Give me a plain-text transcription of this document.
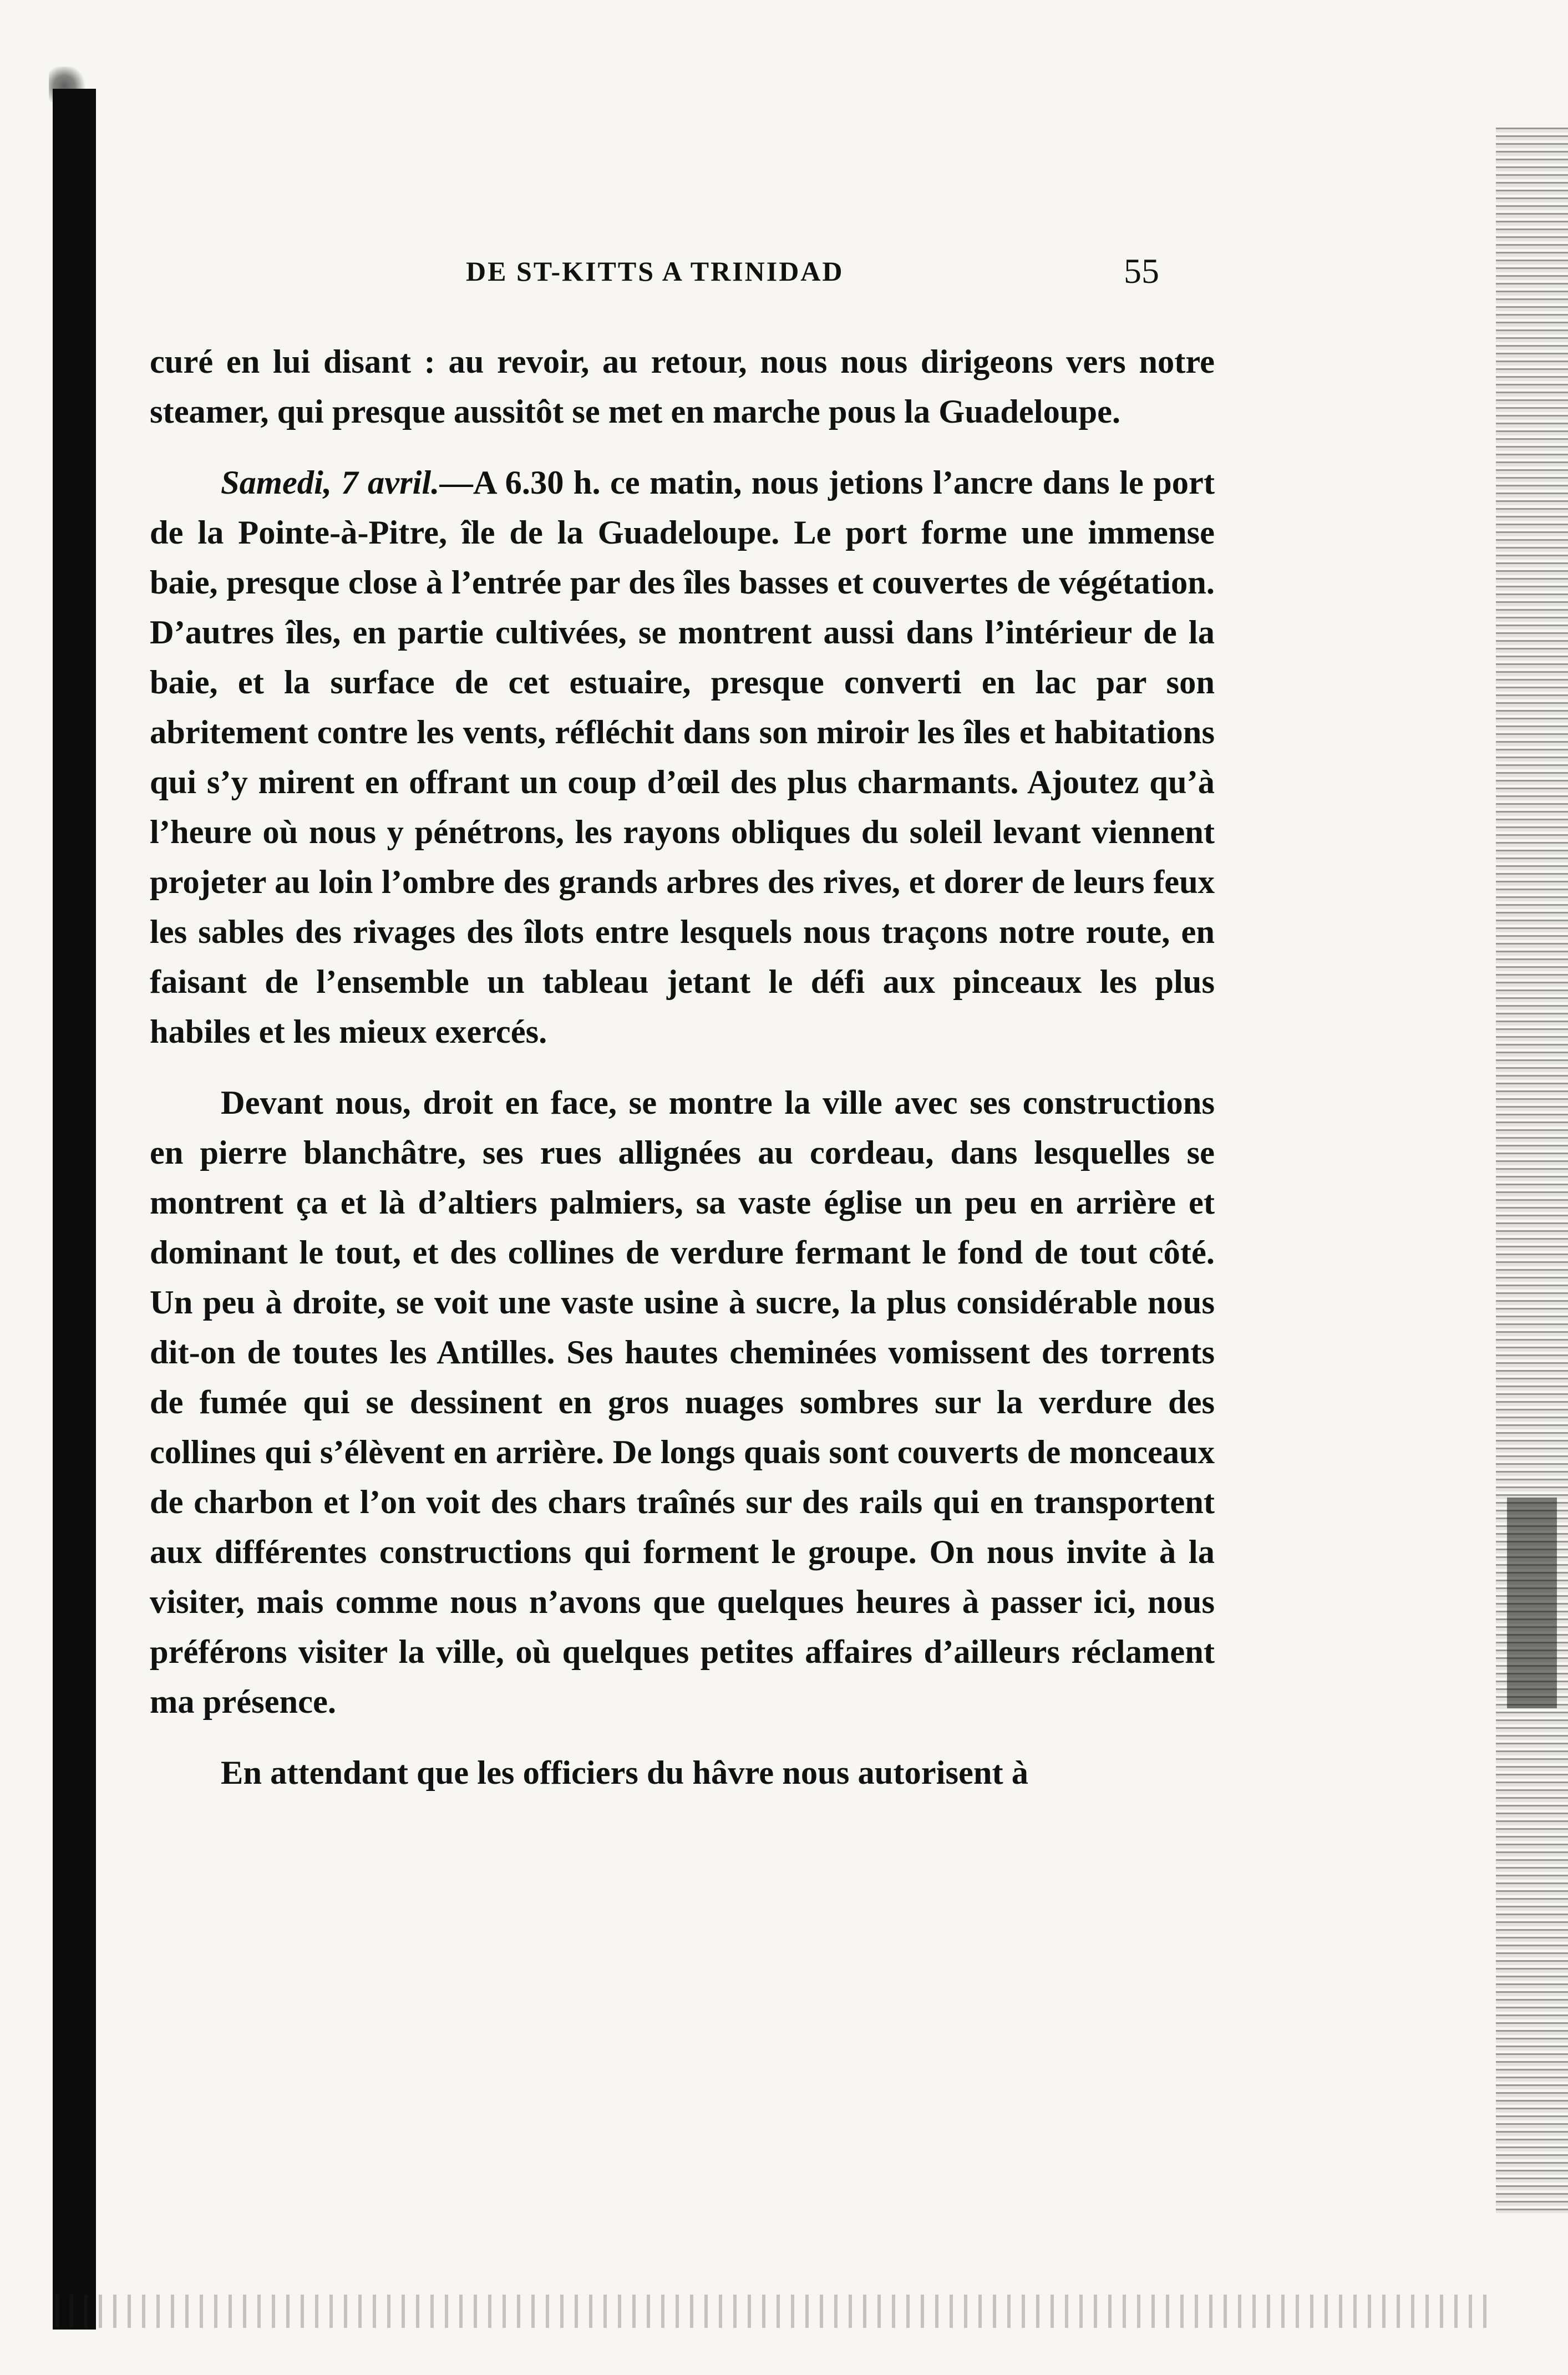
DE ST-KITTS A TRINIDAD	55

curé en lui disant : au revoir, au retour, nous nous dirigeons vers notre steamer, qui presque aussitôt se met en marche pous la Guadeloupe.

Samedi, 7 avril.—A 6.30 h. ce matin, nous jetions l’ancre dans le port de la Pointe-à-Pitre, île de la Guadeloupe. Le port forme une immense baie, presque close à l’entrée par des îles basses et couvertes de végétation. D’autres îles, en partie cultivées, se montrent aussi dans l’intérieur de la baie, et la surface de cet estuaire, presque converti en lac par son abritement contre les vents, réfléchit dans son miroir les îles et habitations qui s’y mirent en offrant un coup d’œil des plus charmants. Ajoutez qu’à l’heure où nous y pénétrons, les rayons obliques du soleil levant viennent projeter au loin l’ombre des grands arbres des rives, et dorer de leurs feux les sables des rivages des îlots entre lesquels nous traçons notre route, en faisant de l’ensemble un tableau jetant le défi aux pinceaux les plus habiles et les mieux exercés.

Devant nous, droit en face, se montre la ville avec ses constructions en pierre blanchâtre, ses rues allignées au cordeau, dans lesquelles se montrent ça et là d’altiers palmiers, sa vaste église un peu en arrière et dominant le tout, et des collines de verdure fermant le fond de tout côté. Un peu à droite, se voit une vaste usine à sucre, la plus considérable nous dit-on de toutes les Antilles. Ses hautes cheminées vomissent des torrents de fumée qui se dessinent en gros nuages sombres sur la verdure des collines qui s’élèvent en arrière. De longs quais sont couverts de monceaux de charbon et l’on voit des chars traînés sur des rails qui en transportent aux différentes constructions qui forment le groupe. On nous invite à la visiter, mais comme nous n’avons que quelques heures à passer ici, nous préférons visiter la ville, où quelques petites affaires d’ailleurs réclament ma présence.

En attendant que les officiers du hâvre nous autorisent à
